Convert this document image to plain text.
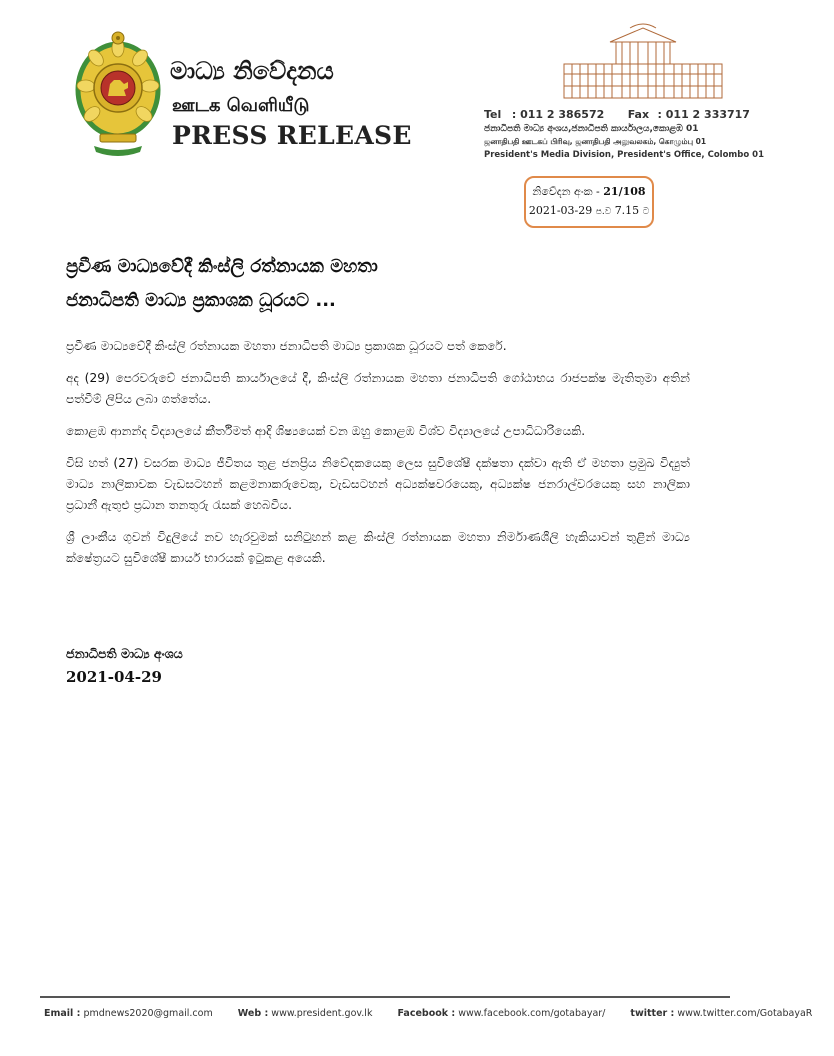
මාධ්‍ය නිවේදනය
ஊடக வெளியீடு
PRESS RELEASE
Tel : 011 2 386572 Fax : 011 2 333717
ජනාධිපති මාධ්‍ය අංශය,ජනාධිපති කාර්යාලය,කොළඹ 01
ஜனாதிபதி ஊடகப் பிரிவு, ஜனாதிபதி அலுவலகம், கொழும்பு 01
President's Media Division, President's Office, Colombo 01
නිවේදන අංක - 21/108
2021-03-29 ප.ව 7.15 ට
ප්‍රවීණ මාධ්‍යවේදී කිංස්ලි රත්නායක මහතා
ජනාධිපති මාධ්‍ය ප්‍රකාශක ධූරයට ...

ප්‍රවීණ මාධ්‍යවේදී කිංස්ලි රත්නායක මහතා ජනාධිපති මාධ්‍ය ප්‍රකාශක ධූරයට පත් කෙරේ.

අද (29) පෙරවරුවේ ජනාධිපති කාර්යාලයේ දී, කිංස්ලි රත්නායක මහතා ජනාධිපති ගෝඨාභය රාජපක්ෂ මැතිතුමා අතින් පත්වීම් ලිපිය ලබා ගත්තේය.

කොළඹ ආනන්ද විද්‍යාලයේ කීර්තිමත් ආදි ශිෂ්‍යයෙක් වන ඔහු කොළඹ විශ්ව විද්‍යාලයේ උපාධිධාරියෙකි.

විසි හත් (27) වසරක මාධ්‍ය ජීවිතය තුළ ජනප්‍රිය නිවේදකයෙකු ලෙස සුවිශේෂී දක්ෂතා දක්වා ඇති ඒ මහතා ප්‍රමුඛ විද්‍යුත් මාධ්‍ය නාලිකාවක වැඩසටහන් කළමනාකරුවෙකු, වැඩසටහන් අධ්‍යක්ෂවරයෙකු, අධ්‍යක්ෂ ජනරාල්වරයෙකු සහ නාලිකා ප්‍රධානී ඇතුළු ප්‍රධාන තනතුරු රැසක් හෙබවීය.

ශ්‍රී ලාංකීය ගුවන් විදුලියේ නව හැරවුමක් සනිටුහන් කළ කිංස්ලි රත්නායක මහතා නිර්මාණශීලි හැකියාවන් තුළින් මාධ්‍ය ක්ෂේත්‍රයට සුවිශේෂී කාර්ය භාරයක් ඉටුකළ අයෙකි.

ජනාධිපති මාධ්‍ය අංශය
2021-04-29
Email : pmdnews2020@gmail.com	Web : www.president.gov.lk	Facebook : www.facebook.com/gotabayar/	twitter : www.twitter.com/GotabayaR
